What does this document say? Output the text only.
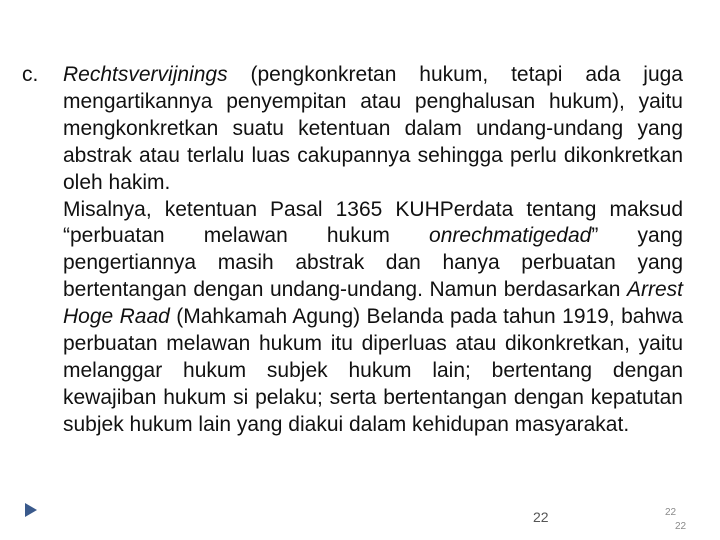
c. Rechtsvervijnings (pengkonkretan hukum, tetapi ada juga mengartikannya penyempitan atau penghalusan hukum), yaitu mengkonkretkan suatu ketentuan dalam undang-undang yang abstrak atau terlalu luas cakupannya sehingga perlu dikonkretkan oleh hakim.

Misalnya, ketentuan Pasal 1365 KUHPerdata tentang maksud “perbuatan melawan hukum onrechmatigedad” yang pengertiannya masih abstrak dan hanya perbuatan yang bertentangan dengan undang-undang. Namun berdasarkan Arrest Hoge Raad (Mahkamah Agung) Belanda pada tahun 1919, bahwa perbuatan melawan hukum itu diperluas atau dikonkretkan, yaitu melanggar hukum subjek hukum lain; bertentang dengan kewajiban hukum si pelaku; serta bertentangan dengan kepatutan subjek hukum lain yang diakui dalam kehidupan masyarakat.

22	22
22
